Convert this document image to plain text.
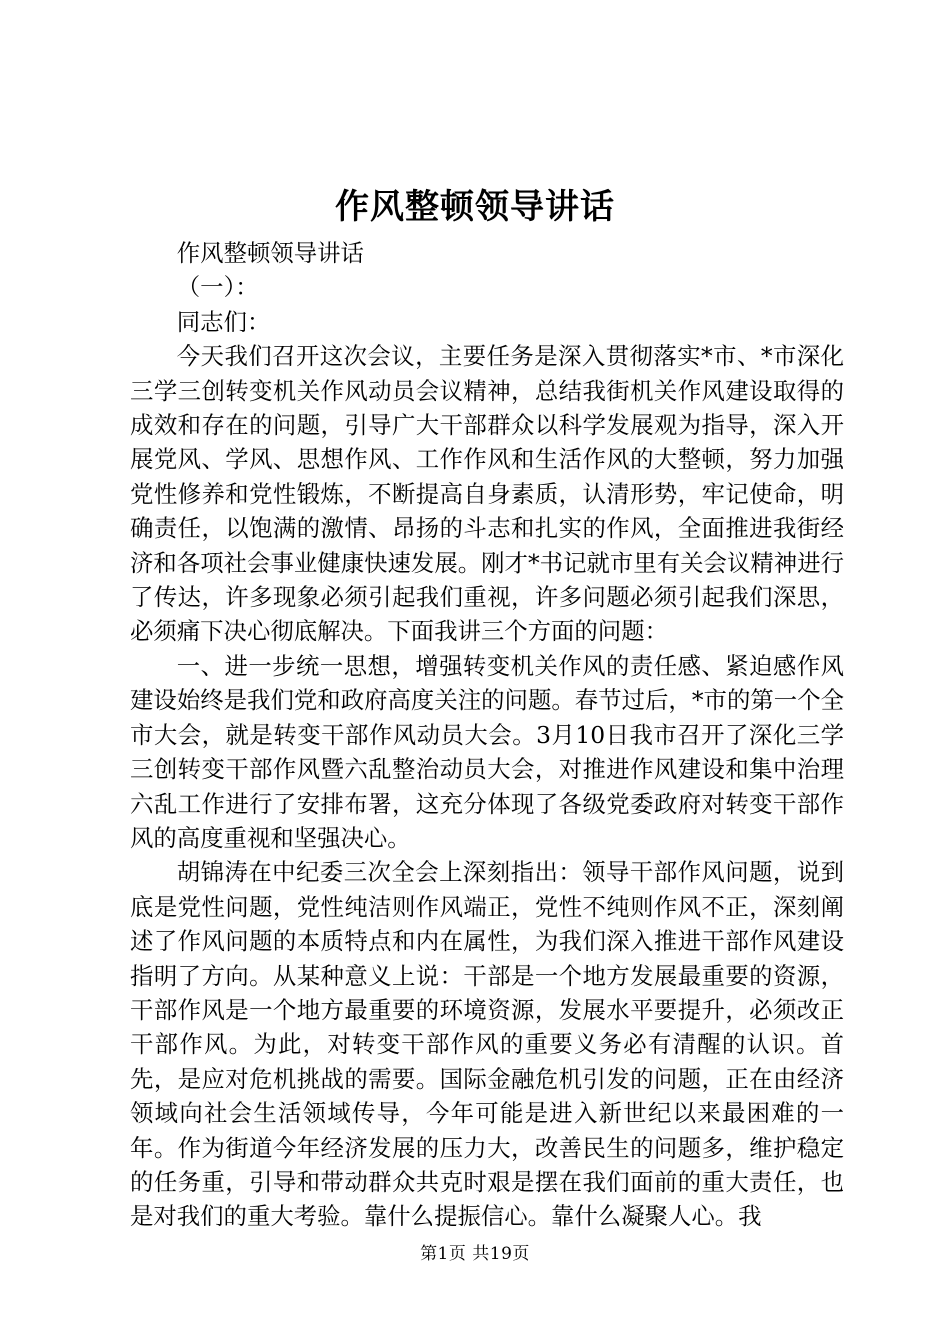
作风整顿领导讲话

作风整顿领导讲话

（一）：

同志们：

今天我们召开这次会议，主要任务是深入贯彻落实*市、*市深化三学三创转变机关作风动员会议精神，总结我街机关作风建设取得的成效和存在的问题，引导广大干部群众以科学发展观为指导，深入开展党风、学风、思想作风、工作作风和生活作风的大整顿，努力加强党性修养和党性锻炼，不断提高自身素质，认清形势，牢记使命，明确责任，以饱满的激情、昂扬的斗志和扎实的作风，全面推进我街经济和各项社会事业健康快速发展。刚才*书记就市里有关会议精神进行了传达，许多现象必须引起我们重视，许多问题必须引起我们深思，必须痛下决心彻底解决。下面我讲三个方面的问题：

一、进一步统一思想，增强转变机关作风的责任感、紧迫感作风建设始终是我们党和政府高度关注的问题。春节过后，*市的第一个全市大会，就是转变干部作风动员大会。3月10日我市召开了深化三学三创转变干部作风暨六乱整治动员大会，对推进作风建设和集中治理六乱工作进行了安排布署，这充分体现了各级党委政府对转变干部作风的高度重视和坚强决心。

胡锦涛在中纪委三次全会上深刻指出：领导干部作风问题，说到底是党性问题，党性纯洁则作风端正，党性不纯则作风不正，深刻阐述了作风问题的本质特点和内在属性，为我们深入推进干部作风建设指明了方向。从某种意义上说：干部是一个地方发展最重要的资源，干部作风是一个地方最重要的环境资源，发展水平要提升，必须改正干部作风。为此，对转变干部作风的重要义务必有清醒的认识。首先，是应对危机挑战的需要。国际金融危机引发的问题，正在由经济领域向社会生活领域传导，今年可能是进入新世纪以来最困难的一年。作为街道今年经济发展的压力大，改善民生的问题多，维护稳定的任务重，引导和带动群众共克时艰是摆在我们面前的重大责任，也是对我们的重大考验。靠什么提振信心。靠什么凝聚人心。我

第1页 共19页
